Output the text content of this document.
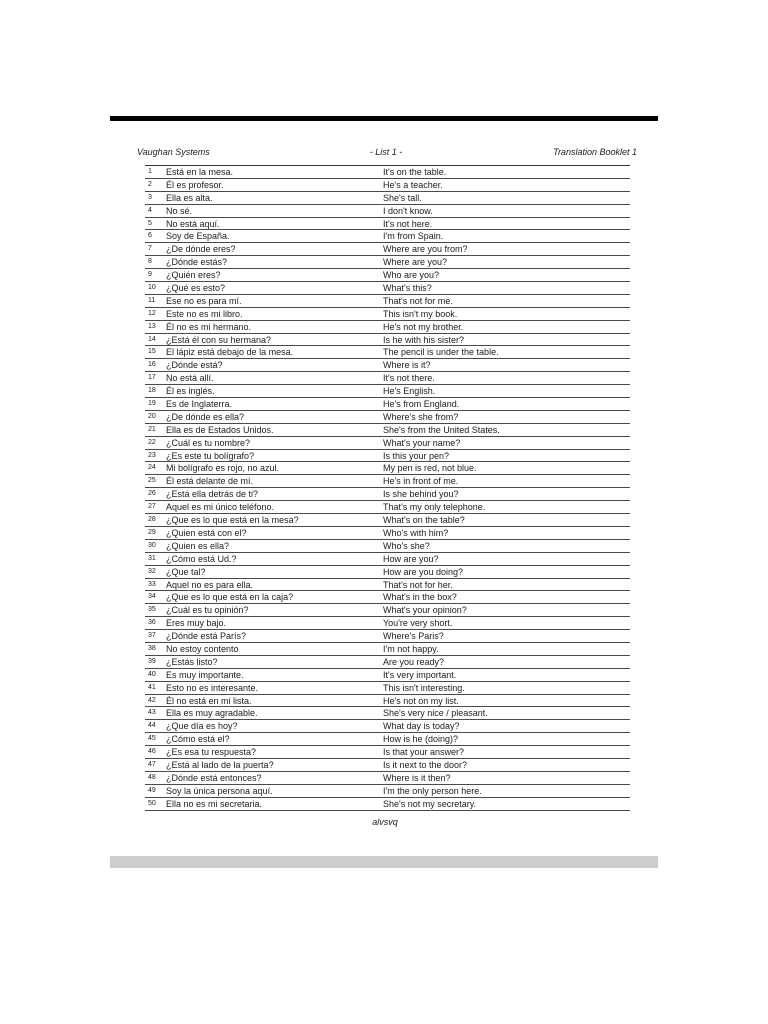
Vaughan Systems	- List 1 -	Translation Booklet 1
1 Está en la mesa.	It's on the table.
2 Él es profesor.	He's a teacher.
3 Ella es alta.	She's tall.
4 No sé.	I don't know.
5 No está aquí.	It's not here.
6 Soy de España.	I'm from Spain.
7 ¿De dónde eres?	Where are you from?
8 ¿Dónde estás?	Where are you?
9 ¿Quién eres?	Who are you?
10 ¿Qué es esto?	What's this?
11 Ese no es para mí.	That's not for me.
12 Este no es mi libro.	This isn't my book.
13 Él no es mi hermano.	He's not my brother.
14 ¿Está él con su hermana?	Is he with his sister?
15 El lápiz está debajo de la mesa.	The pencil is under the table.
16 ¿Dónde está?	Where is it?
17 No está allí.	It's not there.
18 Él es inglés.	He's English.
19 Es de Inglaterra.	He's from England.
20 ¿De dónde es ella?	Where's she from?
21 Ella es de Estados Unidos.	She's from the United States.
22 ¿Cuál es tu nombre?	What's your name?
23 ¿Es este tu bolígrafo?	Is this your pen?
24 Mi bolígrafo es rojo, no azul.	My pen is red, not blue.
25 Él está delante de mí.	He's in front of me.
26 ¿Está ella detrás de ti?	Is she behind you?
27 Aquel es mi único teléfono.	That's my only telephone.
28 ¿Que es lo que está en la mesa?	What's on the table?
29 ¿Quien está con el?	Who's with him?
30 ¿Quien es ella?	Who's she?
31 ¿Cómo está Ud.?	How are you?
32 ¿Que tal?	How are you doing?
33 Aquel no es para ella.	That's not for her.
34 ¿Que es lo que está en la caja?	What's in the box?
35 ¿Cuál es tu opinión?	What's your opinion?
36 Eres muy bajo.	You're very short.
37 ¿Dónde está París?	Where's Paris?
38 No estoy contento	I'm not happy.
39 ¿Estás listo?	Are you ready?
40 Es muy importante.	It's very important.
41 Esto no es interesante.	This isn't interesting.
42 Él no está en mi lista.	He's not on my list.
43 Ella es muy agradable.	She's very nice / pleasant.
44 ¿Que día es hoy?	What day is today?
45 ¿Cómo está el?	How is he (doing)?
46 ¿Es esa tu respuesta?	Is that your answer?
47 ¿Está al lado de la puerta?	Is it next to the door?
48 ¿Dónde está entonces?	Where is it then?
49 Soy la única persona aquí.	I'm the only person here.
50 Ella no es mi secretaria.	She's not my secretary.
alvsvq
